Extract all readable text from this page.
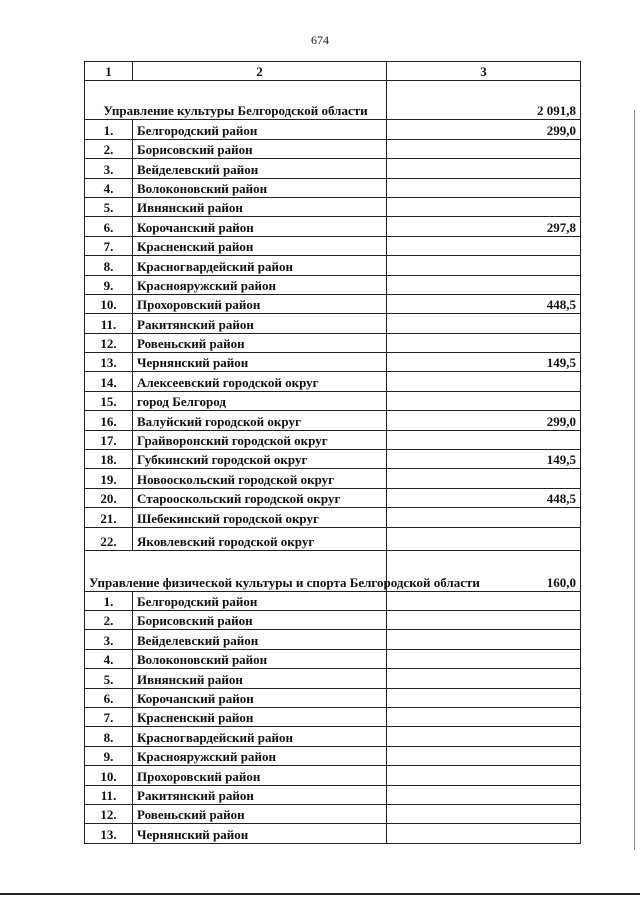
674
1	2	3
Управление культуры Белгородской области		2 091,8
1.	Белгородский район	299,0
2.	Борисовский район	
3.	Вейделевский район	
4.	Волоконовский район	
5.	Ивнянский район	
6.	Корочанский район	297,8
7.	Красненский район	
8.	Красногвардейский район	
9.	Краснояружский район	
10.	Прохоровский район	448,5
11.	Ракитянский район	
12.	Ровеньский район	
13.	Чернянский район	149,5
14.	Алексеевский городской округ	
15.	город Белгород	
16.	Валуйский городской округ	299,0
17.	Грайворонский городской округ	
18.	Губкинский городской округ	149,5
19.	Новооскольский городской округ	
20.	Старооскольский городской округ	448,5
21.	Шебекинский городской округ	
22.	Яковлевский городской округ	
Управление физической культуры и спорта Белгородской области		160,0
1.	Белгородский район	
2.	Борисовский район	
3.	Вейделевский район	
4.	Волоконовский район	
5.	Ивнянский район	
6.	Корочанский район	
7.	Красненский район	
8.	Красногвардейский район	
9.	Краснояружский район	
10.	Прохоровский район	
11.	Ракитянский район	
12.	Ровеньский район	
13.	Чернянский район	
